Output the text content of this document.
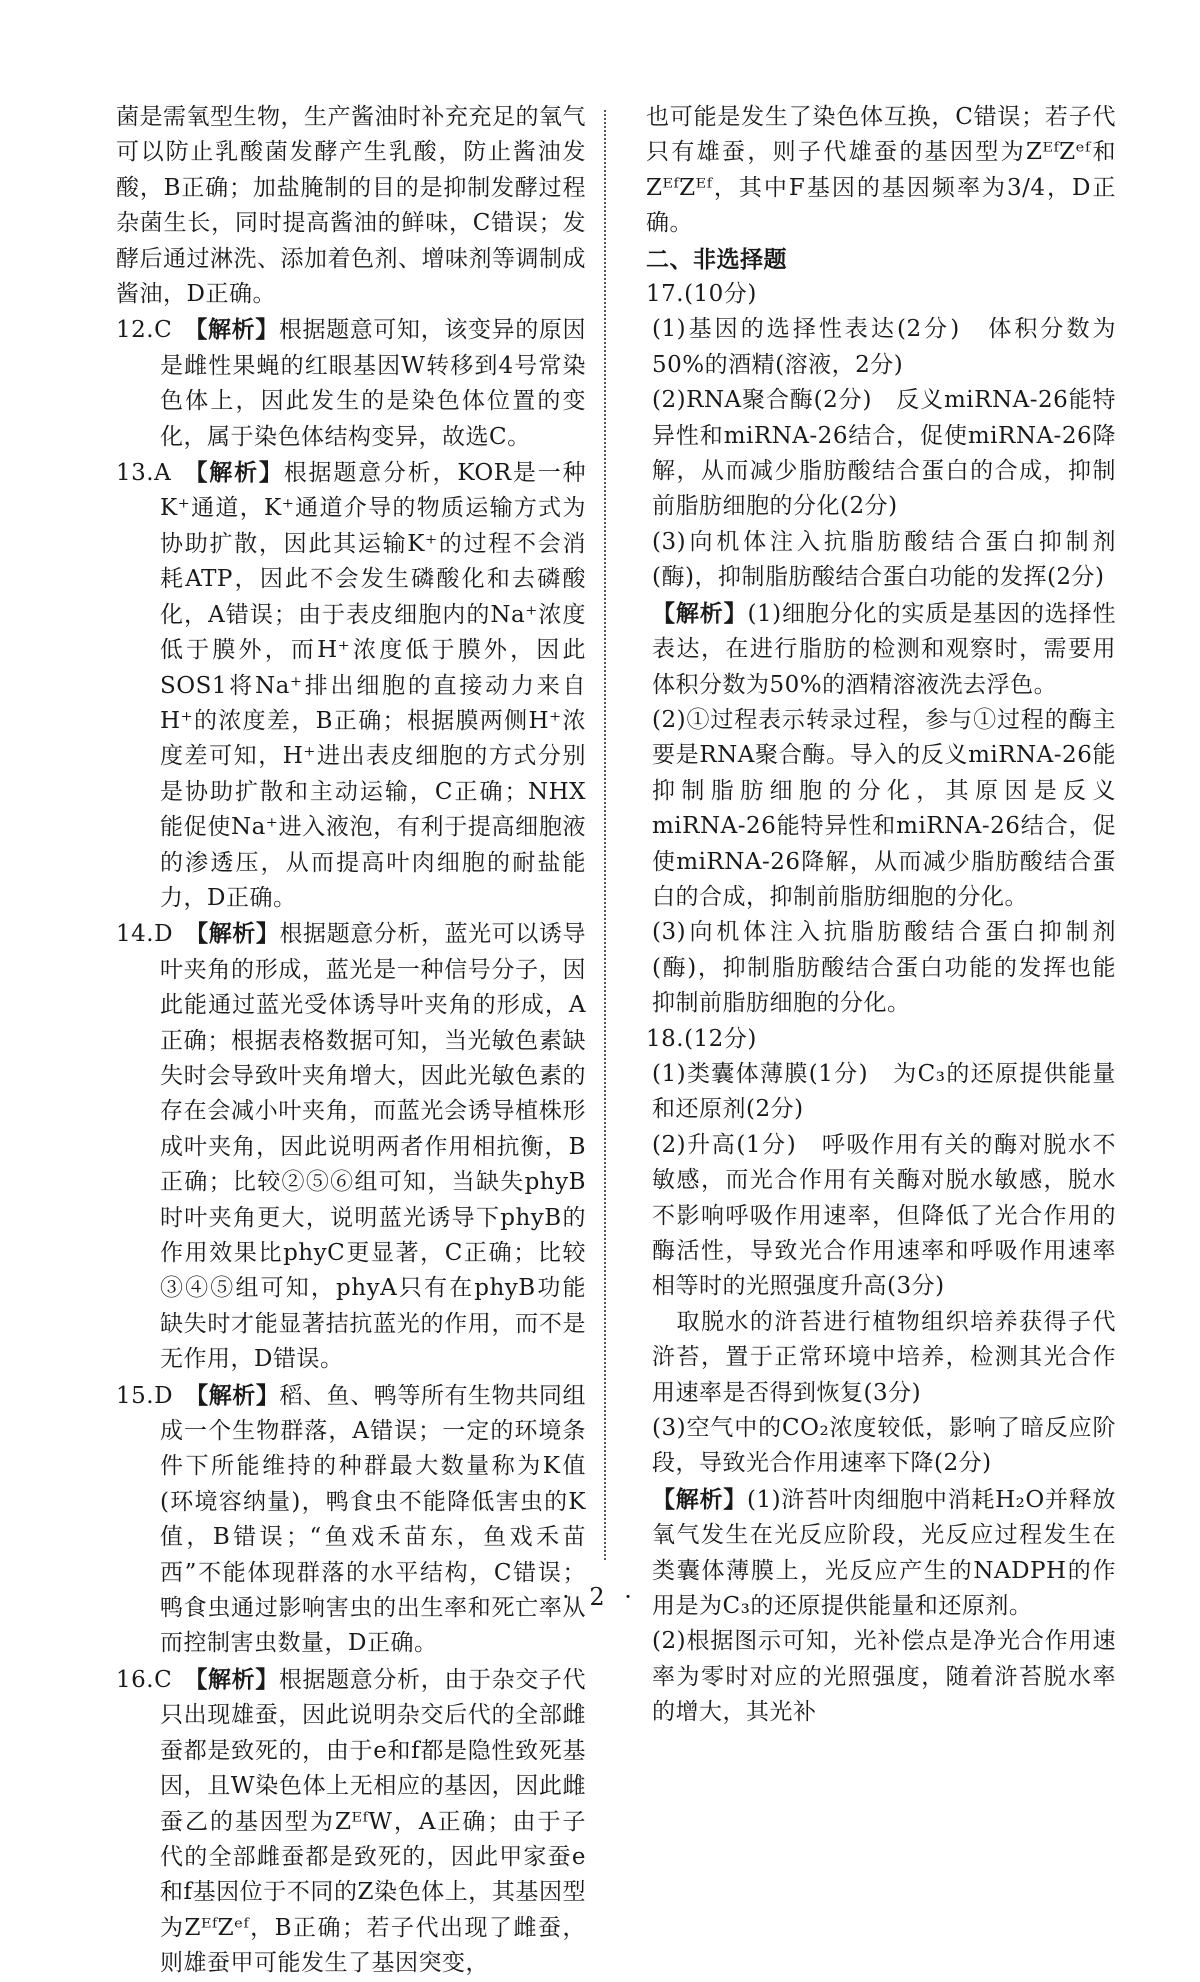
菌是需氧型生物，生产酱油时补充充足的氧气可以防止乳酸菌发酵产生乳酸，防止酱油发酸，B正确；加盐腌制的目的是抑制发酵过程杂菌生长，同时提高酱油的鲜味，C错误；发酵后通过淋洗、添加着色剂、增味剂等调制成酱油，D正确。

12.C  【解析】根据题意可知，该变异的原因是雌性果蝇的红眼基因W转移到4号常染色体上，因此发生的是染色体位置的变化，属于染色体结构变异，故选C。

13.A  【解析】根据题意分析，KOR是一种K⁺通道，K⁺通道介导的物质运输方式为协助扩散，因此其运输K⁺的过程不会消耗ATP，因此不会发生磷酸化和去磷酸化，A错误；由于表皮细胞内的Na⁺浓度低于膜外，而H⁺浓度低于膜外，因此SOS1将Na⁺排出细胞的直接动力来自H⁺的浓度差，B正确；根据膜两侧H⁺浓度差可知，H⁺进出表皮细胞的方式分别是协助扩散和主动运输，C正确；NHX能促使Na⁺进入液泡，有利于提高细胞液的渗透压，从而提高叶肉细胞的耐盐能力，D正确。

14.D  【解析】根据题意分析，蓝光可以诱导叶夹角的形成，蓝光是一种信号分子，因此能通过蓝光受体诱导叶夹角的形成，A正确；根据表格数据可知，当光敏色素缺失时会导致叶夹角增大，因此光敏色素的存在会减小叶夹角，而蓝光会诱导植株形成叶夹角，因此说明两者作用相抗衡，B正确；比较②⑤⑥组可知，当缺失phyB时叶夹角更大，说明蓝光诱导下phyB的作用效果比phyC更显著，C正确；比较③④⑤组可知，phyA只有在phyB功能缺失时才能显著拮抗蓝光的作用，而不是无作用，D错误。

15.D  【解析】稻、鱼、鸭等所有生物共同组成一个生物群落，A错误；一定的环境条件下所能维持的种群最大数量称为K值(环境容纳量)，鸭食虫不能降低害虫的K值，B错误；“鱼戏禾苗东，鱼戏禾苗西”不能体现群落的水平结构，C错误；鸭食虫通过影响害虫的出生率和死亡率从而控制害虫数量，D正确。

16.C  【解析】根据题意分析，由于杂交子代只出现雄蚕，因此说明杂交后代的全部雌蚕都是致死的，由于e和f都是隐性致死基因，且W染色体上无相应的基因，因此雌蚕乙的基因型为ZᴱᶠW，A正确；由于子代的全部雌蚕都是致死的，因此甲家蚕e和f基因位于不同的Z染色体上，其基因型为ZᴱᶠZᵉᶠ，B正确；若子代出现了雌蚕，则雄蚕甲可能发生了基因突变，

也可能是发生了染色体互换，C错误；若子代只有雄蚕，则子代雄蚕的基因型为ZᴱᶠZᵉᶠ和ZᴱᶠZᴱᶠ，其中F基因的基因频率为3/4，D正确。

二、非选择题

17.(10分)

(1)基因的选择性表达(2分)　体积分数为50%的酒精(溶液，2分)

(2)RNA聚合酶(2分)　反义miRNA-26能特异性和miRNA-26结合，促使miRNA-26降解，从而减少脂肪酸结合蛋白的合成，抑制前脂肪细胞的分化(2分)

(3)向机体注入抗脂肪酸结合蛋白抑制剂(酶)，抑制脂肪酸结合蛋白功能的发挥(2分)

【解析】(1)细胞分化的实质是基因的选择性表达，在进行脂肪的检测和观察时，需要用体积分数为50%的酒精溶液洗去浮色。

(2)①过程表示转录过程，参与①过程的酶主要是RNA聚合酶。导入的反义miRNA-26能抑制脂肪细胞的分化，其原因是反义miRNA-26能特异性和miRNA-26结合，促使miRNA-26降解，从而减少脂肪酸结合蛋白的合成，抑制前脂肪细胞的分化。

(3)向机体注入抗脂肪酸结合蛋白抑制剂(酶)，抑制脂肪酸结合蛋白功能的发挥也能抑制前脂肪细胞的分化。

18.(12分)

(1)类囊体薄膜(1分)　为C₃的还原提供能量和还原剂(2分)

(2)升高(1分)　呼吸作用有关的酶对脱水不敏感，而光合作用有关酶对脱水敏感，脱水不影响呼吸作用速率，但降低了光合作用的酶活性，导致光合作用速率和呼吸作用速率相等时的光照强度升高(3分)

　取脱水的浒苔进行植物组织培养获得子代浒苔，置于正常环境中培养，检测其光合作用速率是否得到恢复(3分)

(3)空气中的CO₂浓度较低，影响了暗反应阶段，导致光合作用速率下降(2分)

【解析】(1)浒苔叶肉细胞中消耗H₂O并释放氧气发生在光反应阶段，光反应过程发生在类囊体薄膜上，光反应产生的NADPH的作用是为C₃的还原提供能量和还原剂。

(2)根据图示可知，光补偿点是净光合作用速率为零时对应的光照强度，随着浒苔脱水率的增大，其光补

· 2 ·
